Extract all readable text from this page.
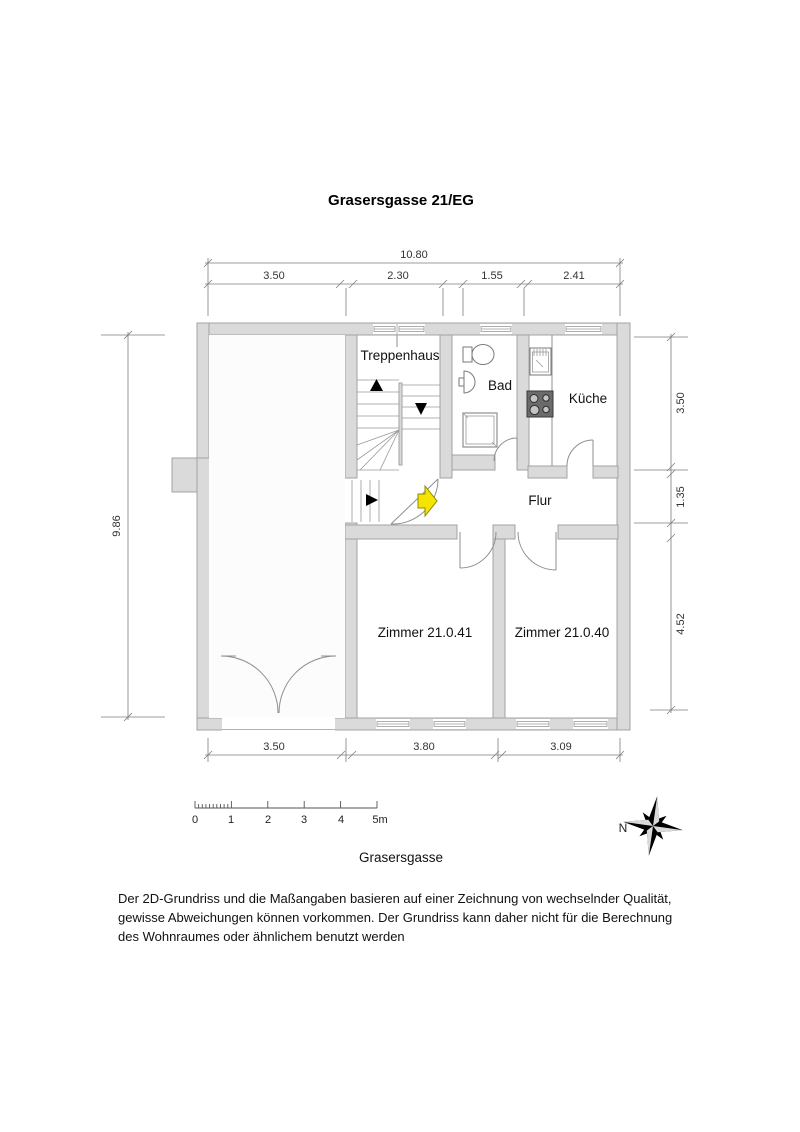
Grasersgasse 21/EG
Treppenhaus
Bad
Küche
Flur
Zimmer 21.0.41	Zimmer 21.0.40
10.80
3.50	2.30	1.55	2.41
9.86
3.50
1.35
4.52
3.50	3.80	3.09
0	1	2	3	4	5m
N
Grasersgasse
Der 2D-Grundriss und die Maßangaben basieren auf einer Zeichnung von wechselnder Qualität,
gewisse Abweichungen können vorkommen. Der Grundriss kann daher nicht für die Berechnung
des Wohnraumes oder ähnlichem benutzt werden
